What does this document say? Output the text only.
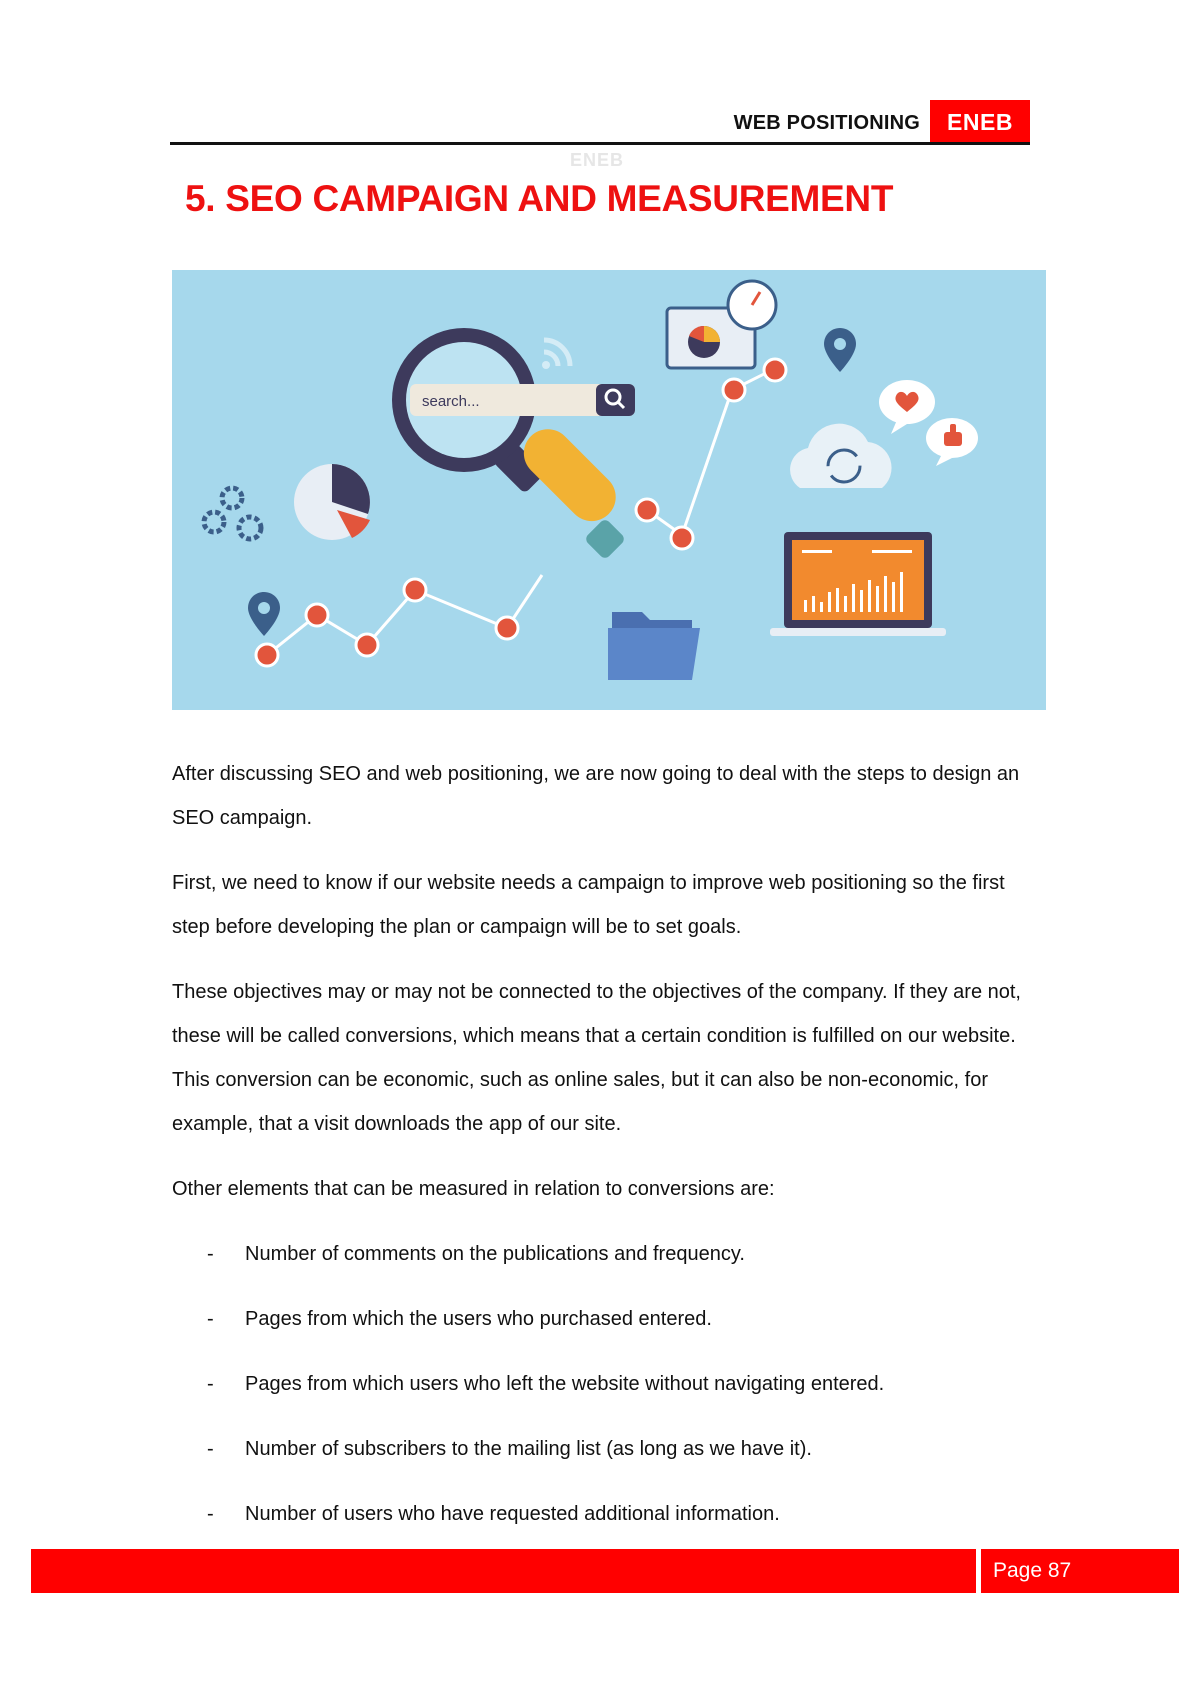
WEB POSITIONING	ENEB
ENEB
5. SEO CAMPAIGN AND MEASUREMENT
search...

After discussing SEO and web positioning, we are now going to deal with the steps to design an SEO campaign.

First, we need to know if our website needs a campaign to improve web positioning so the first step before developing the plan or campaign will be to set goals.

These objectives may or may not be connected to the objectives of the company. If they are not, these will be called conversions, which means that a certain condition is fulfilled on our website. This conversion can be economic, such as online sales, but it can also be non-economic, for example, that a visit downloads the app of our site.

Other elements that can be measured in relation to conversions are:

- Number of comments on the publications and frequency.
- Pages from which the users who purchased entered.
- Pages from which users who left the website without navigating entered.
- Number of subscribers to the mailing list (as long as we have it).
- Number of users who have requested additional information.
Page 87
